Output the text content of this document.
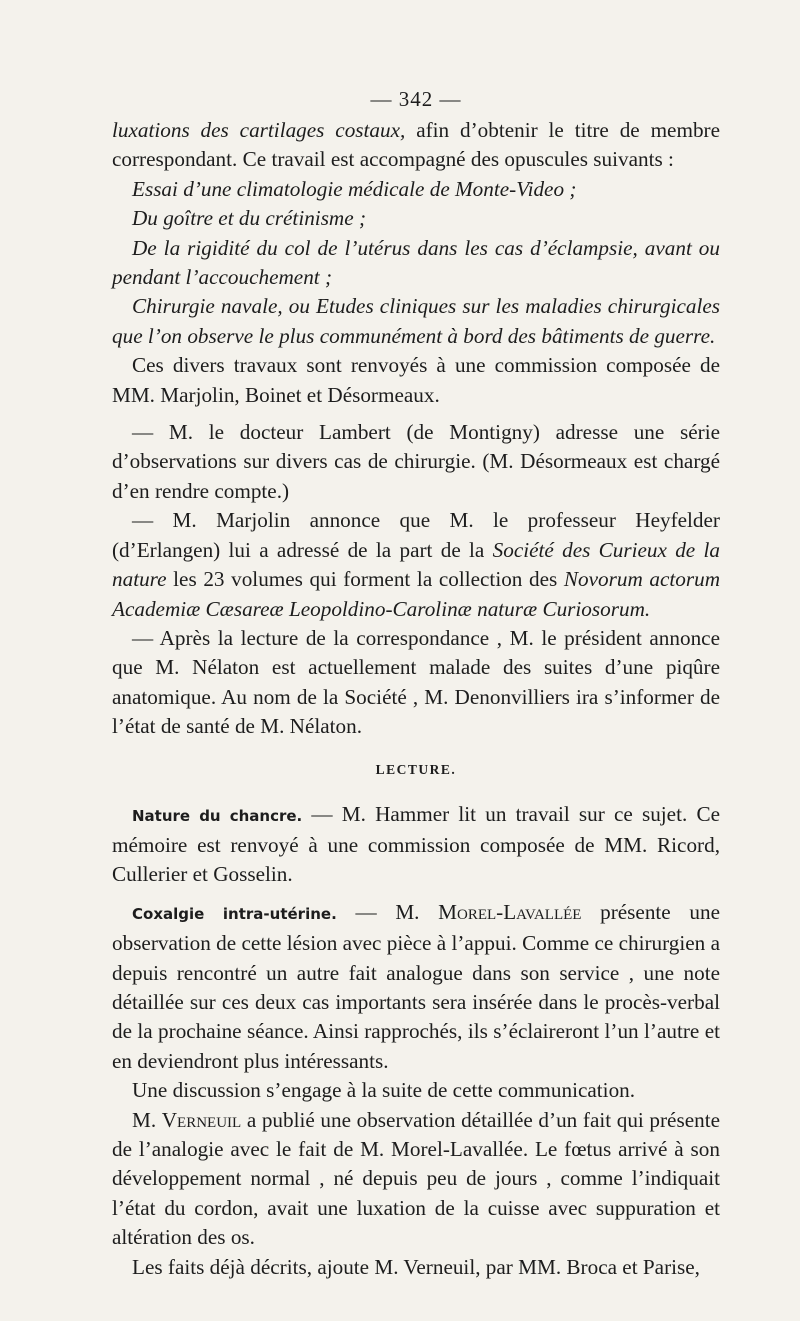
— 342 —

luxations des cartilages costaux, afin d’obtenir le titre de membre correspondant. Ce travail est accompagné des opuscules suivants :

Essai d’une climatologie médicale de Monte-Video ;

Du goître et du crétinisme ;

De la rigidité du col de l’utérus dans les cas d’éclampsie, avant ou pendant l’accouchement ;

Chirurgie navale, ou Etudes cliniques sur les maladies chirurgicales que l’on observe le plus communément à bord des bâtiments de guerre.

Ces divers travaux sont renvoyés à une commission composée de MM. Marjolin, Boinet et Désormeaux.

— M. le docteur Lambert (de Montigny) adresse une série d’observations sur divers cas de chirurgie. (M. Désormeaux est chargé d’en rendre compte.)

— M. Marjolin annonce que M. le professeur Heyfelder (d’Erlangen) lui a adressé de la part de la Société des Curieux de la nature les 23 volumes qui forment la collection des Novorum actorum Academiæ Cæsareæ Leopoldino-Carolinæ naturæ Curiosorum.

— Après la lecture de la correspondance , M. le président annonce que M. Nélaton est actuellement malade des suites d’une piqûre anatomique. Au nom de la Société , M. Denonvilliers ira s’informer de l’état de santé de M. Nélaton.

LECTURE.

Nature du chancre. — M. Hammer lit un travail sur ce sujet. Ce mémoire est renvoyé à une commission composée de MM. Ricord, Cullerier et Gosselin.

Coxalgie intra-utérine. — M. Morel-Lavallée présente une observation de cette lésion avec pièce à l’appui. Comme ce chirurgien a depuis rencontré un autre fait analogue dans son service , une note détaillée sur ces deux cas importants sera insérée dans le procès-verbal de la prochaine séance. Ainsi rapprochés, ils s’éclaireront l’un l’autre et en deviendront plus intéressants.

Une discussion s’engage à la suite de cette communication.

M. Verneuil a publié une observation détaillée d’un fait qui présente de l’analogie avec le fait de M. Morel-Lavallée. Le fœtus arrivé à son développement normal , né depuis peu de jours , comme l’indiquait l’état du cordon, avait une luxation de la cuisse avec suppuration et altération des os.

Les faits déjà décrits, ajoute M. Verneuil, par MM. Broca et Parise,
